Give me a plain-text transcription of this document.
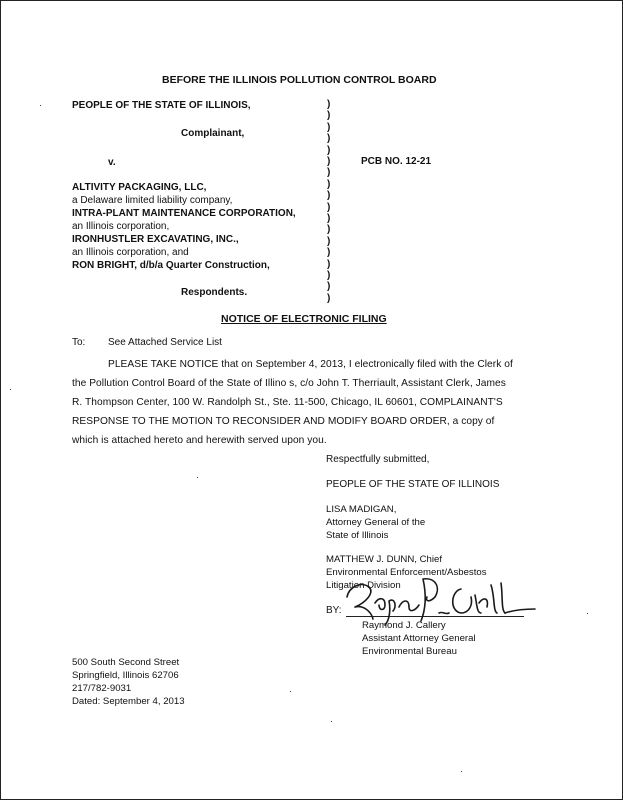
BEFORE THE ILLINOIS POLLUTION CONTROL BOARD
PEOPLE OF THE STATE OF ILLINOIS,
Complainant,
v.	PCB NO. 12-21
ALTIVITY PACKAGING, LLC,
a Delaware limited liability company,
INTRA-PLANT MAINTENANCE CORPORATION,
an Illinois corporation,
IRONHUSTLER EXCAVATING, INC.,
an Illinois corporation, and
RON BRIGHT, d/b/a Quarter Construction,
Respondents.
)
)
)
)
)
)
)
)
)
)
)
)
)
)
)
)
)
)
NOTICE OF ELECTRONIC FILING
To: See Attached Service List
PLEASE TAKE NOTICE that on September 4, 2013, I electronically filed with the Clerk of
the Pollution Control Board of the State of Illino s, c/o John T. Therriault, Assistant Clerk, James
R. Thompson Center, 100 W. Randolph St., Ste. 11-500, Chicago, IL 60601, COMPLAINANT'S
RESPONSE TO THE MOTION TO RECONSIDER AND MODIFY BOARD ORDER, a copy of
which is attached hereto and herewith served upon you.
Respectfully submitted,
PEOPLE OF THE STATE OF ILLINOIS
LISA MADIGAN,
Attorney General of the
State of Illinois
MATTHEW J. DUNN, Chief
Environmental Enforcement/Asbestos
Litigation Division
BY:
Raymond J. Callery
Assistant Attorney General
Environmental Bureau
500 South Second Street
Springfield, Illinois 62706
217/782-9031
Dated: September 4, 2013
